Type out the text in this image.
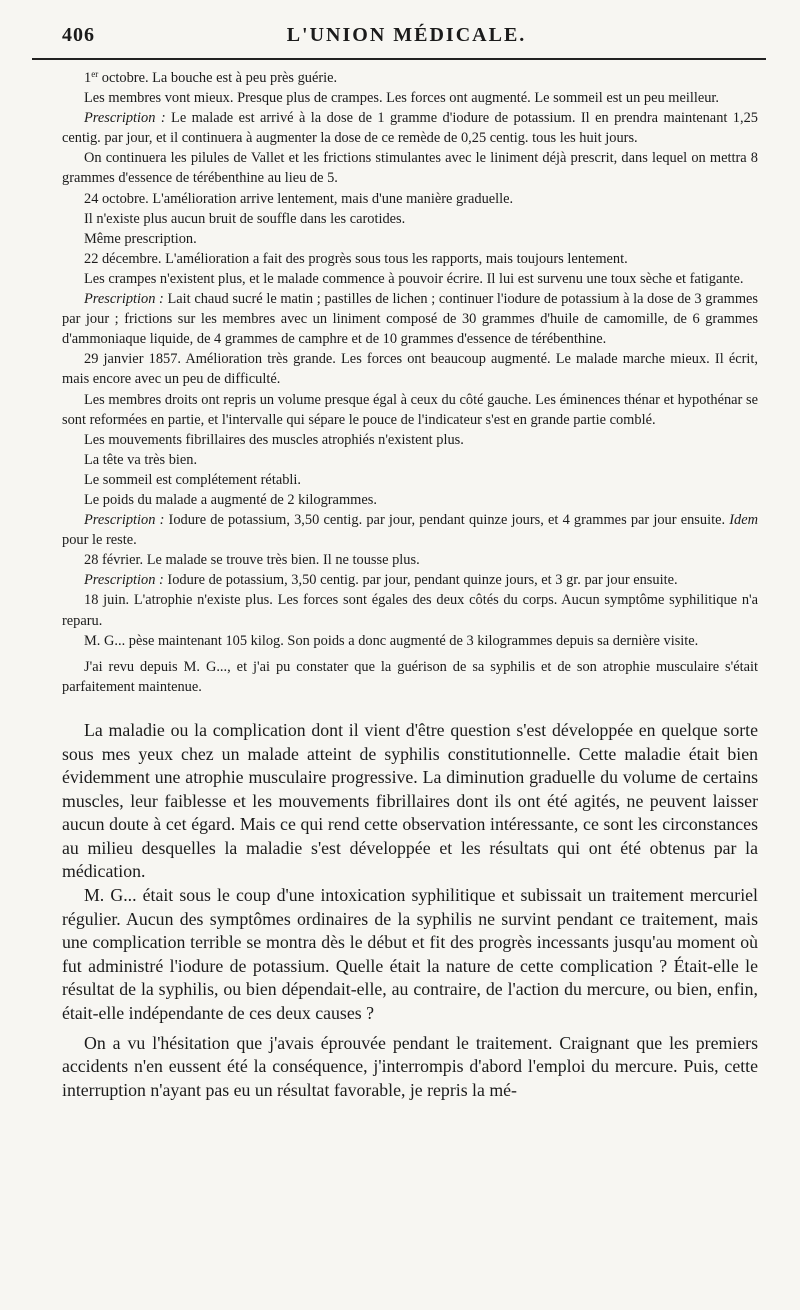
406	L'UNION MÉDICALE.

1er octobre. La bouche est à peu près guérie.

Les membres vont mieux. Presque plus de crampes. Les forces ont augmenté. Le sommeil est un peu meilleur.

Prescription : Le malade est arrivé à la dose de 1 gramme d'iodure de potassium. Il en prendra maintenant 1,25 centig. par jour, et il continuera à augmenter la dose de ce remède de 0,25 centig. tous les huit jours.

On continuera les pilules de Vallet et les frictions stimulantes avec le liniment déjà prescrit, dans lequel on mettra 8 grammes d'essence de térébenthine au lieu de 5.

24 octobre. L'amélioration arrive lentement, mais d'une manière graduelle.

Il n'existe plus aucun bruit de souffle dans les carotides.

Même prescription.

22 décembre. L'amélioration a fait des progrès sous tous les rapports, mais toujours lentement.

Les crampes n'existent plus, et le malade commence à pouvoir écrire. Il lui est survenu une toux sèche et fatigante.

Prescription : Lait chaud sucré le matin ; pastilles de lichen ; continuer l'iodure de potassium à la dose de 3 grammes par jour ; frictions sur les membres avec un liniment composé de 30 grammes d'huile de camomille, de 6 grammes d'ammoniaque liquide, de 4 grammes de camphre et de 10 grammes d'essence de térébenthine.

29 janvier 1857. Amélioration très grande. Les forces ont beaucoup augmenté. Le malade marche mieux. Il écrit, mais encore avec un peu de difficulté.

Les membres droits ont repris un volume presque égal à ceux du côté gauche. Les éminences thénar et hypothénar se sont reformées en partie, et l'intervalle qui sépare le pouce de l'indicateur s'est en grande partie comblé.

Les mouvements fibrillaires des muscles atrophiés n'existent plus.

La tête va très bien.

Le sommeil est complétement rétabli.

Le poids du malade a augmenté de 2 kilogrammes.

Prescription : Iodure de potassium, 3,50 centig. par jour, pendant quinze jours, et 4 grammes par jour ensuite. Idem pour le reste.

28 février. Le malade se trouve très bien. Il ne tousse plus.

Prescription : Iodure de potassium, 3,50 centig. par jour, pendant quinze jours, et 3 gr. par jour ensuite.

18 juin. L'atrophie n'existe plus. Les forces sont égales des deux côtés du corps. Aucun symptôme syphilitique n'a reparu.

M. G... pèse maintenant 105 kilog. Son poids a donc augmenté de 3 kilogrammes depuis sa dernière visite.

J'ai revu depuis M. G..., et j'ai pu constater que la guérison de sa syphilis et de son atrophie musculaire s'était parfaitement maintenue.

La maladie ou la complication dont il vient d'être question s'est développée en quelque sorte sous mes yeux chez un malade atteint de syphilis constitutionnelle. Cette maladie était bien évidemment une atrophie musculaire progressive. La diminution graduelle du volume de certains muscles, leur faiblesse et les mouvements fibrillaires dont ils ont été agités, ne peuvent laisser aucun doute à cet égard. Mais ce qui rend cette observation intéressante, ce sont les circonstances au milieu desquelles la maladie s'est développée et les résultats qui ont été obtenus par la médication.

M. G... était sous le coup d'une intoxication syphilitique et subissait un traitement mercuriel régulier. Aucun des symptômes ordinaires de la syphilis ne survint pendant ce traitement, mais une complication terrible se montra dès le début et fit des progrès incessants jusqu'au moment où fut administré l'iodure de potassium. Quelle était la nature de cette complication ? Était-elle le résultat de la syphilis, ou bien dépendait-elle, au contraire, de l'action du mercure, ou bien, enfin, était-elle indépendante de ces deux causes ?

On a vu l'hésitation que j'avais éprouvée pendant le traitement. Craignant que les premiers accidents n'en eussent été la conséquence, j'interrompis d'abord l'emploi du mercure. Puis, cette interruption n'ayant pas eu un résultat favorable, je repris la mé-
